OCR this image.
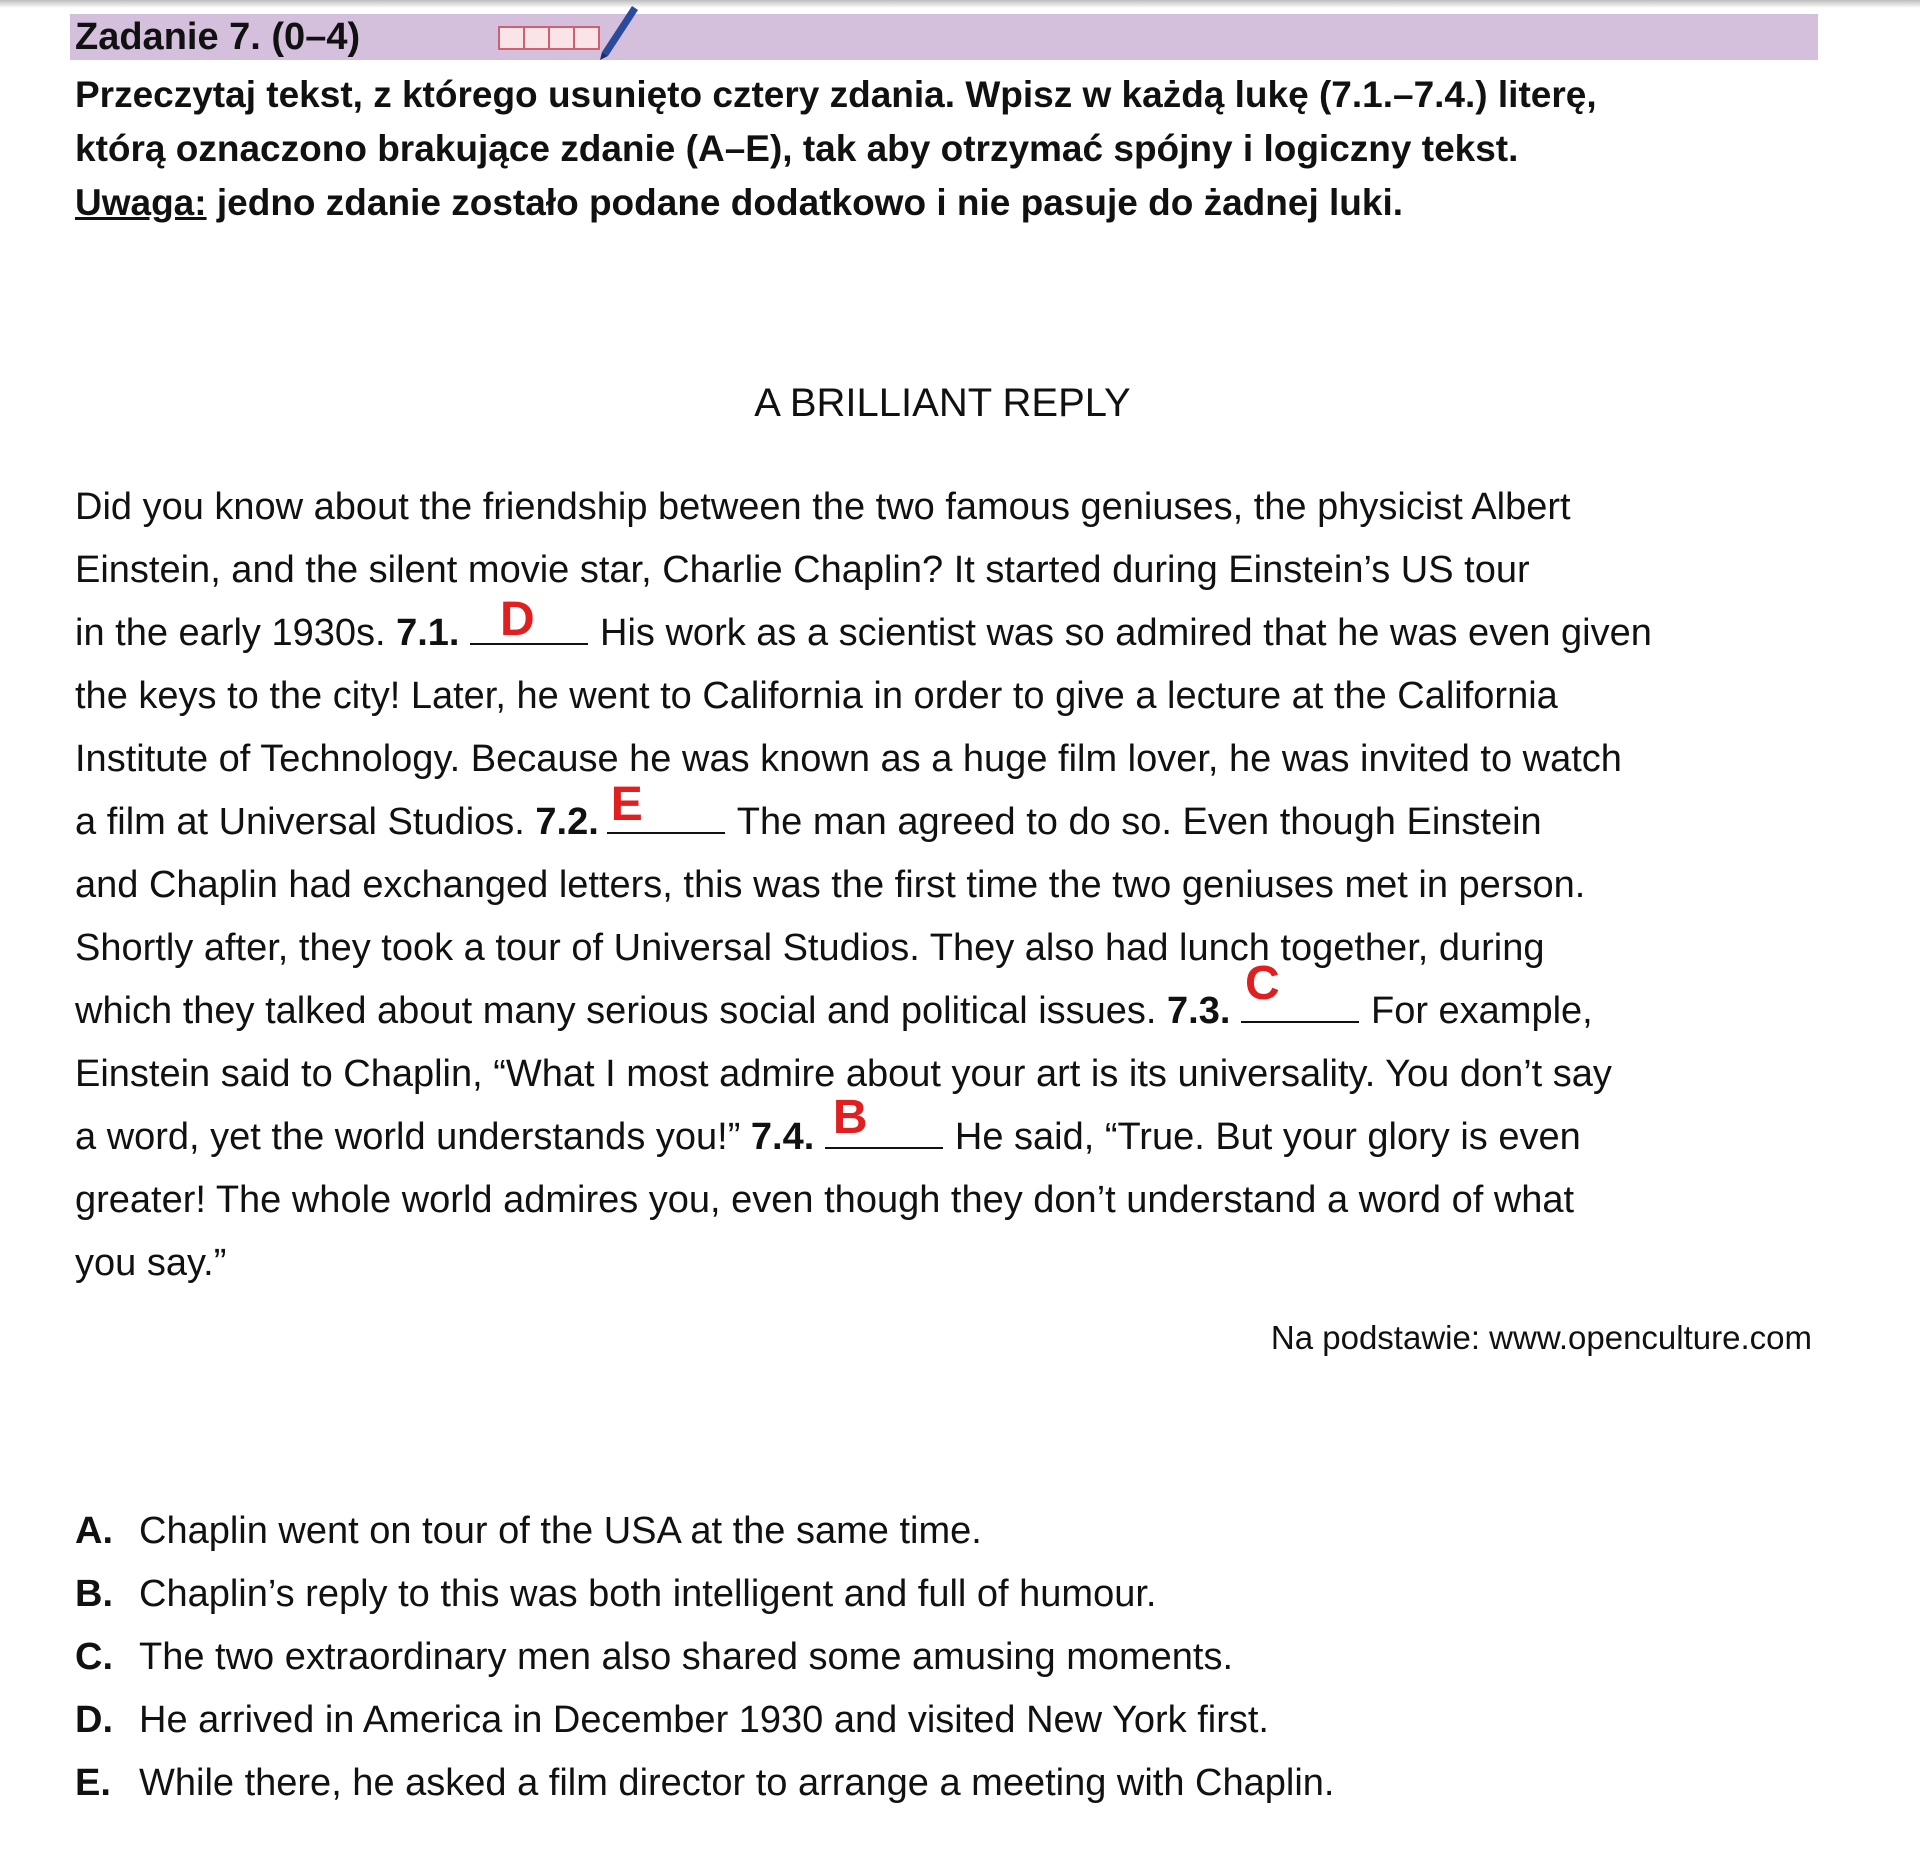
Zadanie 7. (0–4)

Przeczytaj tekst, z którego usunięto cztery zdania. Wpisz w każdą lukę (7.1.–7.4.) literę,

którą oznaczono brakujące zdanie (A–E), tak aby otrzymać spójny i logiczny tekst.

Uwaga: jedno zdanie zostało podane dodatkowo i nie pasuje do żadnej luki.

A BRILLIANT REPLY
Did you know about the friendship between the two famous geniuses, the physicist Albert
Einstein, and the silent movie star, Charlie Chaplin? It started during Einstein’s US tour
in the early 1930s. 7.1. D His work as a scientist was so admired that he was even given
the keys to the city! Later, he went to California in order to give a lecture at the California
Institute of Technology. Because he was known as a huge film lover, he was invited to watch
a film at Universal Studios. 7.2. E The man agreed to do so. Even though Einstein
and Chaplin had exchanged letters, this was the first time the two geniuses met in person.
Shortly after, they took a tour of Universal Studios. They also had lunch together, during
which they talked about many serious social and political issues. 7.3.
C
For example,
Einstein said to Chaplin, “What I most admire about your art is its universality. You don’t say
a word, yet the world understands you!” 7.4. B He said, “True. But your glory is even
greater! The whole world admires you, even though they don’t understand a word of what
you say.”
Na podstawie: www.openculture.com
A. Chaplin went on tour of the USA at the same time.
B. Chaplin’s reply to this was both intelligent and full of humour.
C. The two extraordinary men also shared some amusing moments.
D. He arrived in America in December 1930 and visited New York first.
E. While there, he asked a film director to arrange a meeting with Chaplin.
